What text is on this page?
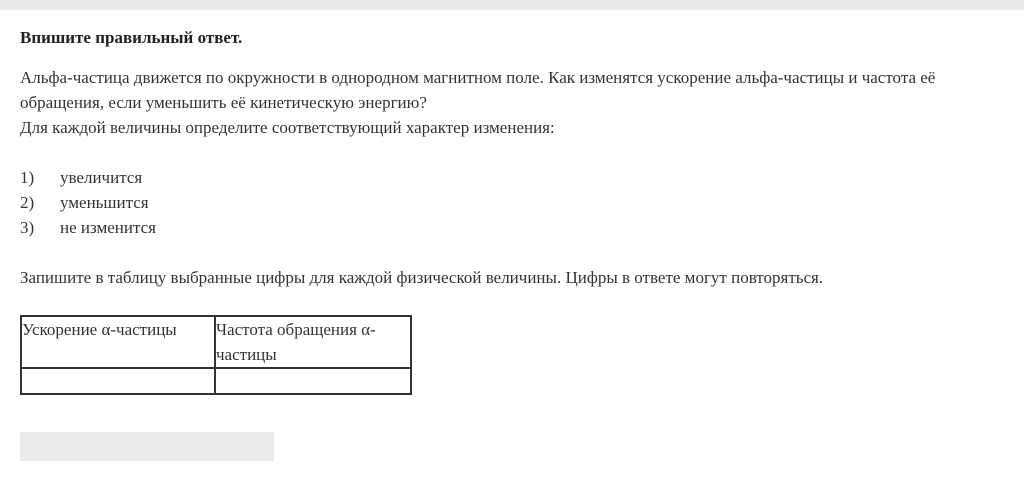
Впишите правильный ответ.

Альфа-частица движется по окружности в однородном магнитном поле. Как изменятся ускорение альфа-частицы и частота её обращения, если уменьшить её кинетическую энергию?

Для каждой величины определите соответствующий характер изменения:

1)	увеличится
2)	уменьшится
3)	не изменится
Запишите в таблицу выбранные цифры для каждой физической величины. Цифры в ответе могут повторяться.
Ускорение α-частицы	Частота обращения α-частицы
